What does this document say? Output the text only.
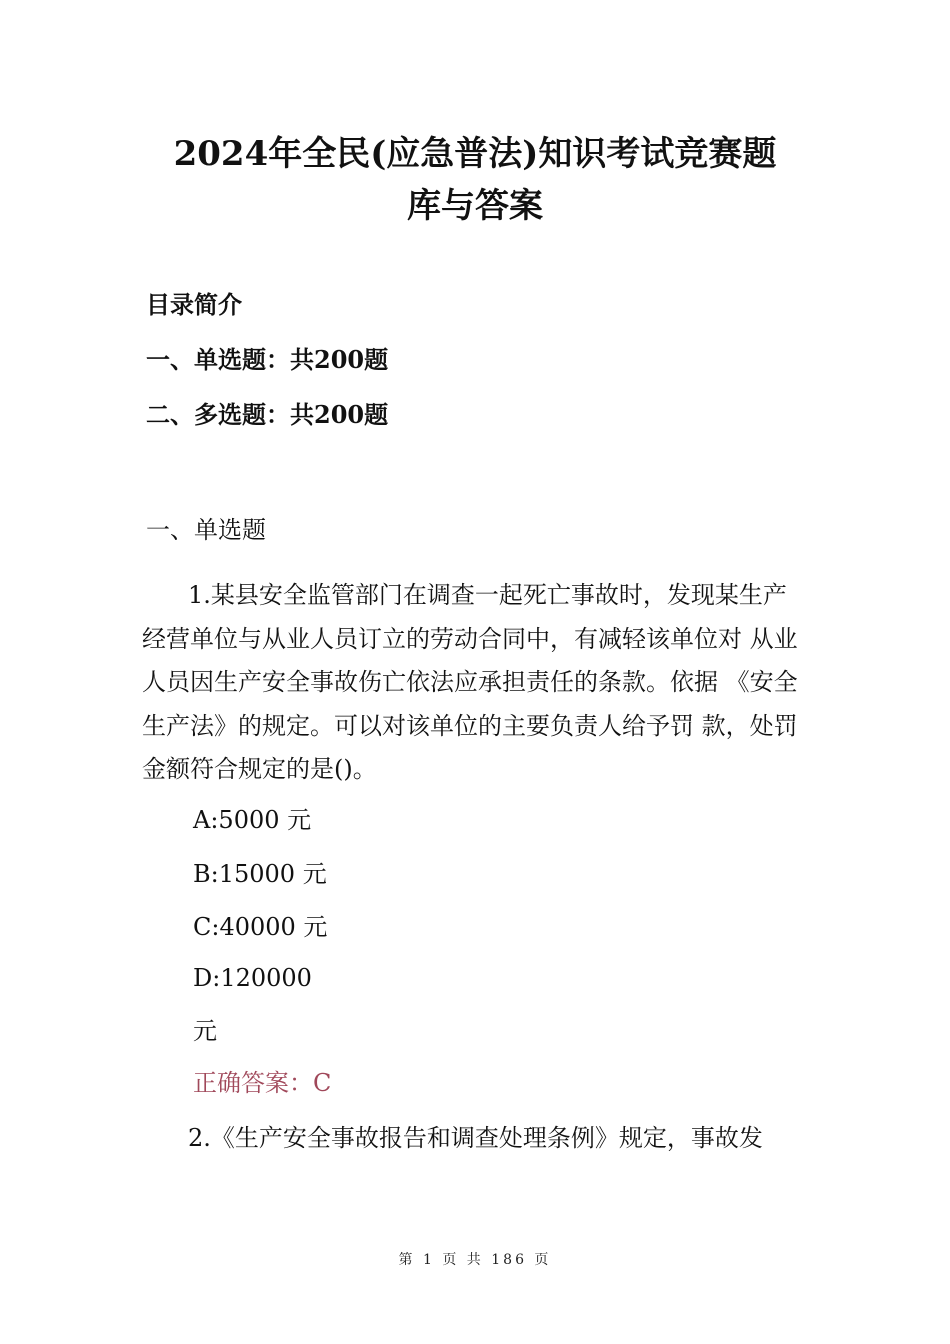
2024年全民(应急普法)知识考试竞赛题
库与答案
目录简介
一、单选题：共200题
二、多选题：共200题
一、单选题

1.某县安全监管部门在调查一起死亡事故时，发现某生产经营单位与从业人员订立的劳动合同中，有减轻该单位对 从业人员因生产安全事故伤亡依法应承担责任的条款。依据 《安全生产法》的规定。可以对该单位的主要负责人给予罚 款，处罚金额符合规定的是()。

A:5000 元
B:15000 元
C:40000 元
D:120000
元
正确答案：C
2.《生产安全事故报告和调查处理条例》规定，事故发
第 1 页 共 186 页
